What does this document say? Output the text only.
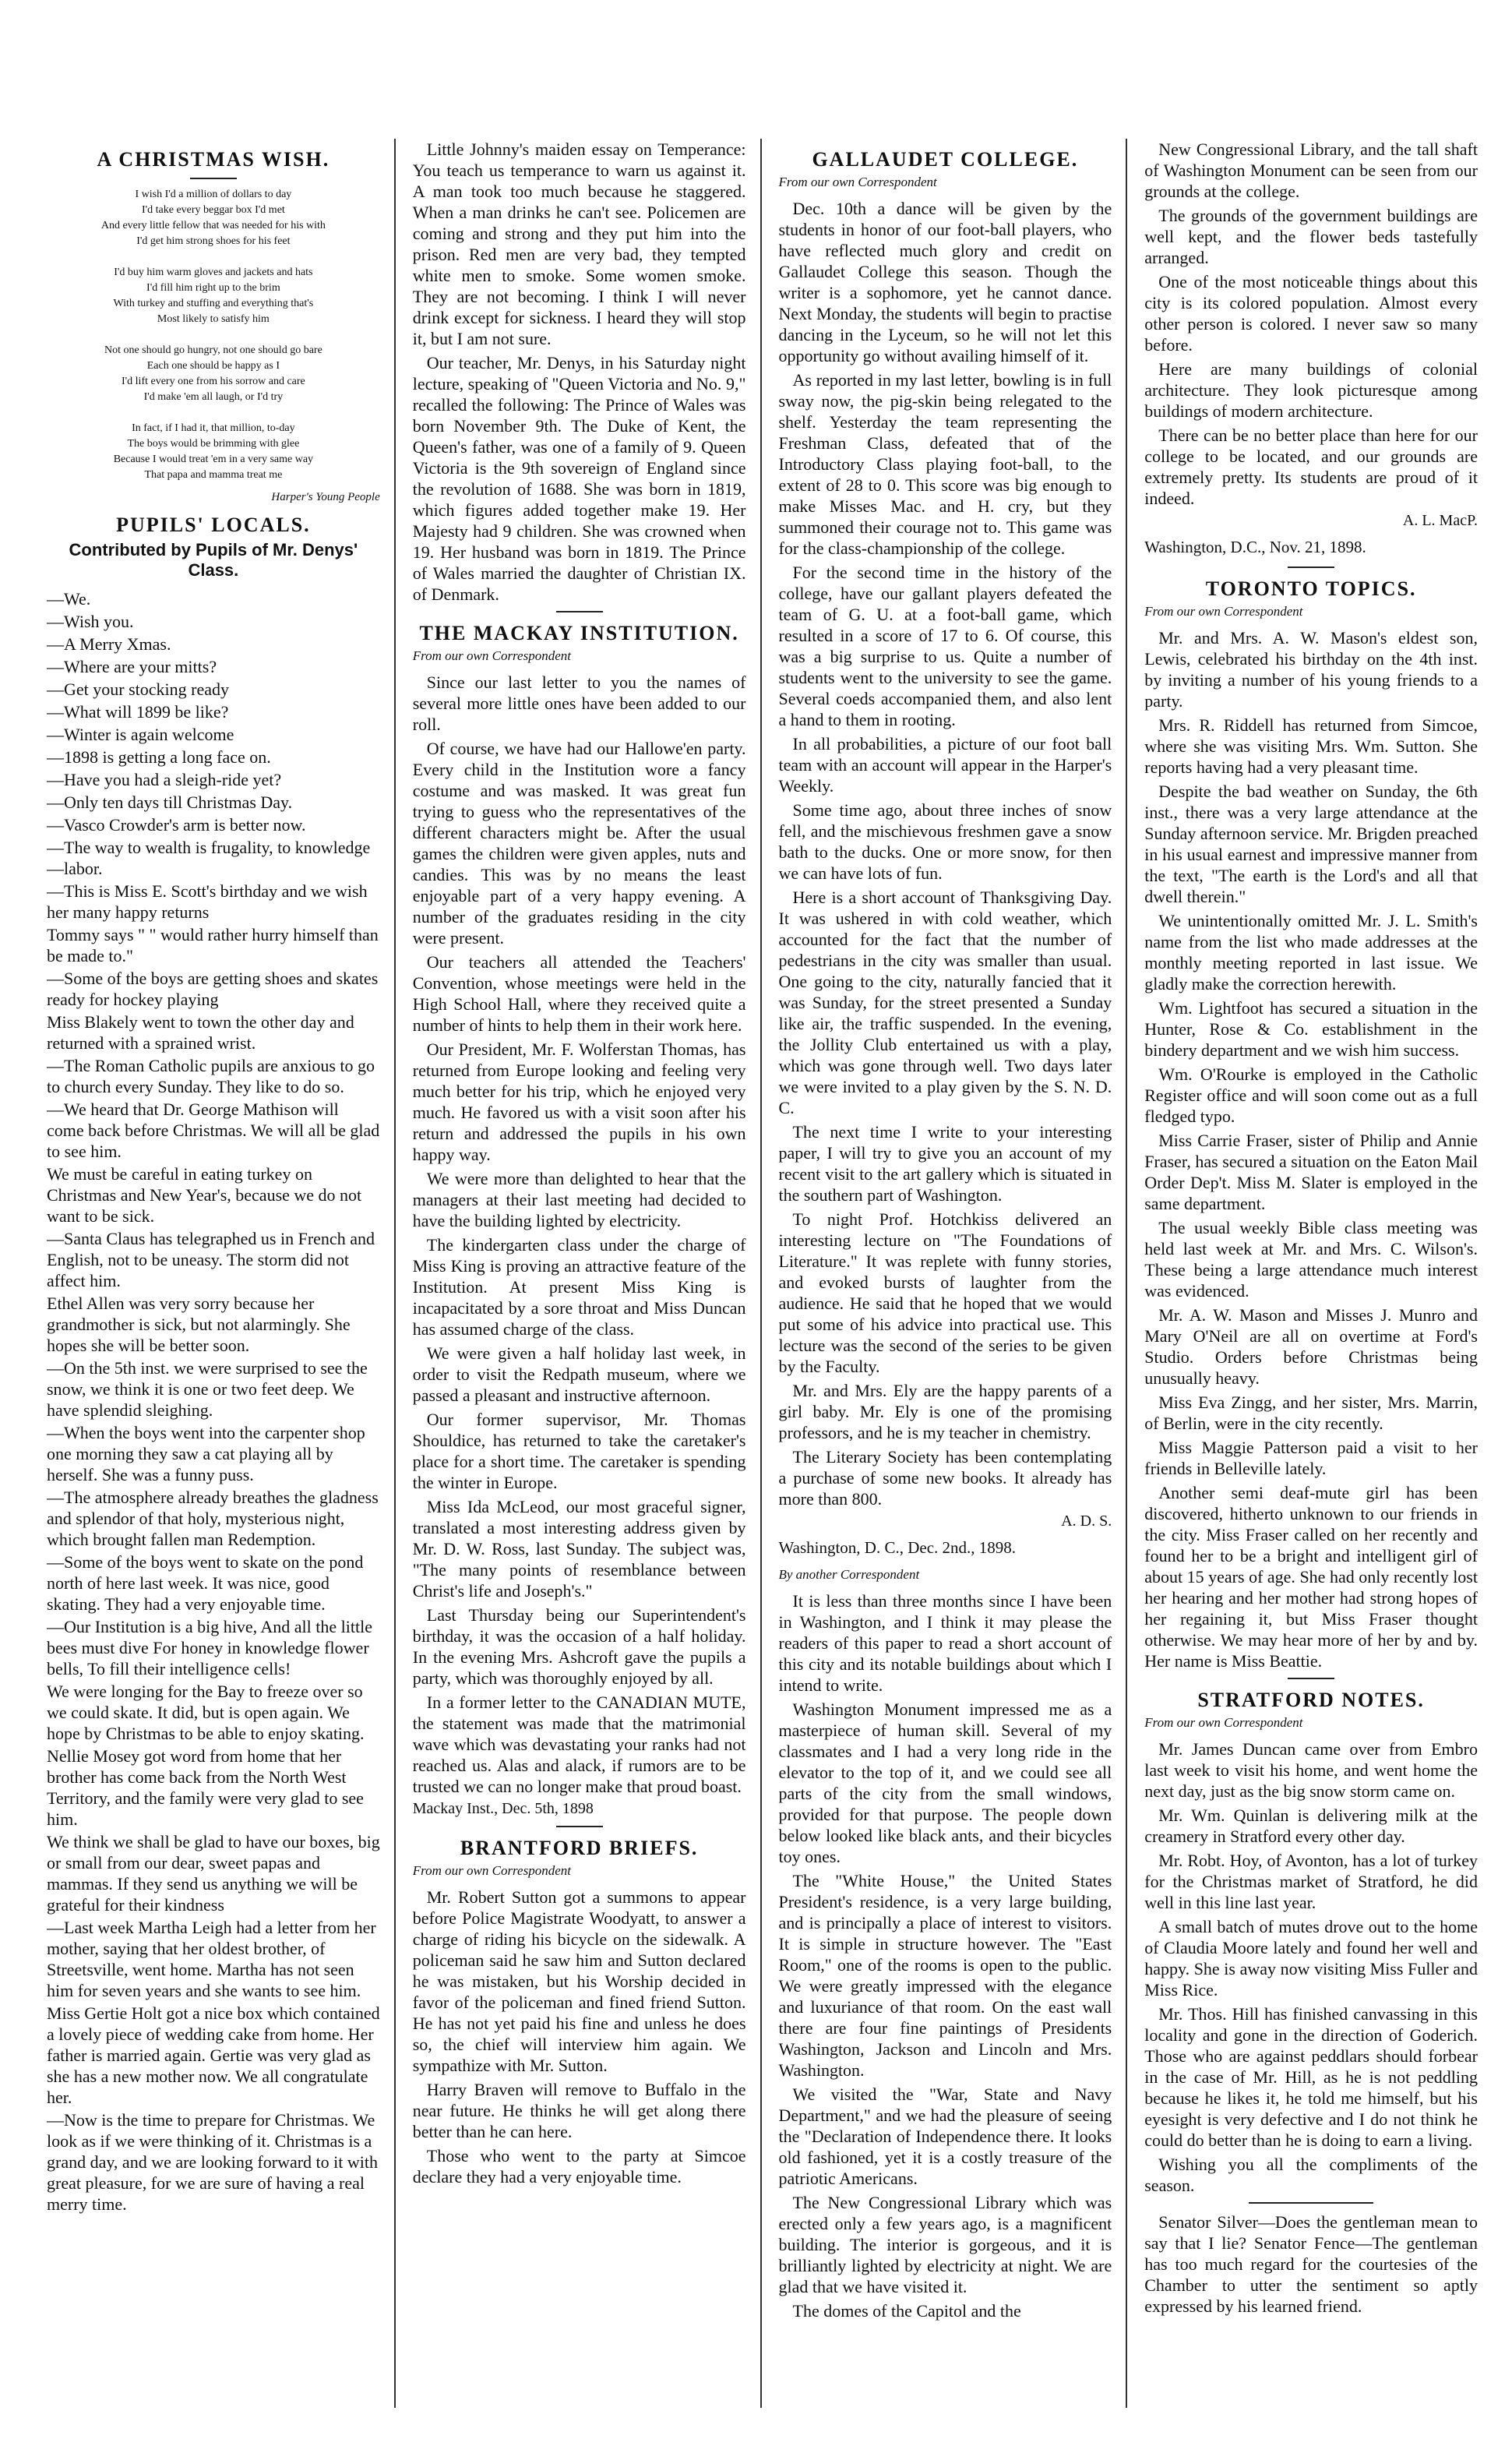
A CHRISTMAS WISH.
I wish I'd a million of dollars to day
I'd take every beggar box I'd met
And every little fellow that was needed for his with
I'd get him strong shoes for his feet

I'd buy him warm gloves and jackets and hats
I'd fill him right up to the brim
With turkey and stuffing and everything that's
Most likely to satisfy him

Not one should go hungry, not one should go bare
Each one should be happy as I
I'd lift every one from his sorrow and care
I'd make 'em all laugh, or I'd try

In fact, if I had it, that million, to-day
The boys would be brimming with glee
Because I would treat 'em in a very same way
That papa and mamma treat me
Harper's Young People
PUPILS' LOCALS.
Contributed by Pupils of Mr. Denys' Class.
—We.
—Wish you.
—A Merry Xmas.
—Where are your mitts?
—Get your stocking ready
—What will 1899 be like?
—Winter is again welcome
—1898 is getting a long face on.
—Have you had a sleigh-ride yet?
—Only ten days till Christmas Day.
—Vasco Crowder's arm is better now.
—The way to wealth is frugality, to knowledge—labor.
—This is Miss E. Scott's birthday and we wish her many happy returns
Tommy says " " would rather hurry himself than be made to."
—Some of the boys are getting shoes and skates ready for hockey playing
Miss Blakely went to town the other day and returned with a sprained wrist.
—The Roman Catholic pupils are anxious to go to church every Sunday. They like to do so.
—We heard that Dr. George Mathison will come back before Christmas. We will all be glad to see him.
We must be careful in eating turkey on Christmas and New Year's, because we do not want to be sick.
—Santa Claus has telegraphed us in French and English, not to be uneasy. The storm did not affect him.
Ethel Allen was very sorry because her grandmother is sick, but not alarmingly. She hopes she will be better soon.
—On the 5th inst. we were surprised to see the snow, we think it is one or two feet deep. We have splendid sleighing.
—When the boys went into the carpenter shop one morning they saw a cat playing all by herself. She was a funny puss.
—The atmosphere already breathes the gladness and splendor of that holy, mysterious night, which brought fallen man Redemption.
—Some of the boys went to skate on the pond north of here last week. It was nice, good skating. They had a very enjoyable time.
—Our Institution is a big hive, And all the little bees must dive For honey in knowledge flower bells, To fill their intelligence cells!
We were longing for the Bay to freeze over so we could skate. It did, but is open again. We hope by Christmas to be able to enjoy skating.
Nellie Mosey got word from home that her brother has come back from the North West Territory, and the family were very glad to see him.
We think we shall be glad to have our boxes, big or small from our dear, sweet papas and mammas. If they send us anything we will be grateful for their kindness
—Last week Martha Leigh had a letter from her mother, saying that her oldest brother, of Streetsville, went home. Martha has not seen him for seven years and she wants to see him.
Miss Gertie Holt got a nice box which contained a lovely piece of wedding cake from home. Her father is married again. Gertie was very glad as she has a new mother now. We all congratulate her.
—Now is the time to prepare for Christmas. We look as if we were thinking of it. Christmas is a grand day, and we are looking forward to it with great pleasure, for we are sure of having a real merry time.

Little Johnny's maiden essay on Temperance: You teach us temperance to warn us against it. A man took too much because he staggered. When a man drinks he can't see. Policemen are coming and strong and they put him into the prison. Red men are very bad, they tempted white men to smoke. Some women smoke. They are not becoming. I think I will never drink except for sickness. I heard they will stop it, but I am not sure.

Our teacher, Mr. Denys, in his Saturday night lecture, speaking of "Queen Victoria and No. 9," recalled the following: The Prince of Wales was born November 9th. The Duke of Kent, the Queen's father, was one of a family of 9. Queen Victoria is the 9th sovereign of England since the revolution of 1688. She was born in 1819, which figures added together make 19. Her Majesty had 9 children. She was crowned when 19. Her husband was born in 1819. The Prince of Wales married the daughter of Christian IX. of Denmark.

THE MACKAY INSTITUTION.
From our own Correspondent

Since our last letter to you the names of several more little ones have been added to our roll.

Of course, we have had our Hallowe'en party. Every child in the Institution wore a fancy costume and was masked. It was great fun trying to guess who the representatives of the different characters might be. After the usual games the children were given apples, nuts and candies. This was by no means the least enjoyable part of a very happy evening. A number of the graduates residing in the city were present.

Our teachers all attended the Teachers' Convention, whose meetings were held in the High School Hall, where they received quite a number of hints to help them in their work here.

Our President, Mr. F. Wolferstan Thomas, has returned from Europe looking and feeling very much better for his trip, which he enjoyed very much. He favored us with a visit soon after his return and addressed the pupils in his own happy way.

We were more than delighted to hear that the managers at their last meeting had decided to have the building lighted by electricity.

The kindergarten class under the charge of Miss King is proving an attractive feature of the Institution. At present Miss King is incapacitated by a sore throat and Miss Duncan has assumed charge of the class.

We were given a half holiday last week, in order to visit the Redpath museum, where we passed a pleasant and instructive afternoon.

Our former supervisor, Mr. Thomas Shouldice, has returned to take the caretaker's place for a short time. The caretaker is spending the winter in Europe.

Miss Ida McLeod, our most graceful signer, translated a most interesting address given by Mr. D. W. Ross, last Sunday. The subject was, "The many points of resemblance between Christ's life and Joseph's."

Last Thursday being our Superintendent's birthday, it was the occasion of a half holiday. In the evening Mrs. Ashcroft gave the pupils a party, which was thoroughly enjoyed by all.

In a former letter to the CANADIAN MUTE, the statement was made that the matrimonial wave which was devastating your ranks had not reached us. Alas and alack, if rumors are to be trusted we can no longer make that proud boast.

Mackay Inst., Dec. 5th, 1898
BRANTFORD BRIEFS.
From our own Correspondent

Mr. Robert Sutton got a summons to appear before Police Magistrate Woodyatt, to answer a charge of riding his bicycle on the sidewalk. A policeman said he saw him and Sutton declared he was mistaken, but his Worship decided in favor of the policeman and fined friend Sutton. He has not yet paid his fine and unless he does so, the chief will interview him again. We sympathize with Mr. Sutton.

Harry Braven will remove to Buffalo in the near future. He thinks he will get along there better than he can here.

Those who went to the party at Simcoe declare they had a very enjoyable time.

GALLAUDET COLLEGE.
From our own Correspondent

Dec. 10th a dance will be given by the students in honor of our foot-ball players, who have reflected much glory and credit on Gallaudet College this season. Though the writer is a sophomore, yet he cannot dance. Next Monday, the students will begin to practise dancing in the Lyceum, so he will not let this opportunity go without availing himself of it.

As reported in my last letter, bowling is in full sway now, the pig-skin being relegated to the shelf. Yesterday the team representing the Freshman Class, defeated that of the Introductory Class playing foot-ball, to the extent of 28 to 0. This score was big enough to make Misses Mac. and H. cry, but they summoned their courage not to. This game was for the class-championship of the college.

For the second time in the history of the college, have our gallant players defeated the team of G. U. at a foot-ball game, which resulted in a score of 17 to 6. Of course, this was a big surprise to us. Quite a number of students went to the university to see the game. Several coeds accompanied them, and also lent a hand to them in rooting.

In all probabilities, a picture of our foot ball team with an account will appear in the Harper's Weekly.

Some time ago, about three inches of snow fell, and the mischievous freshmen gave a snow bath to the ducks. One or more snow, for then we can have lots of fun.

Here is a short account of Thanksgiving Day. It was ushered in with cold weather, which accounted for the fact that the number of pedestrians in the city was smaller than usual. One going to the city, naturally fancied that it was Sunday, for the street presented a Sunday like air, the traffic suspended. In the evening, the Jollity Club entertained us with a play, which was gone through well. Two days later we were invited to a play given by the S. N. D. C.

The next time I write to your interesting paper, I will try to give you an account of my recent visit to the art gallery which is situated in the southern part of Washington.

To night Prof. Hotchkiss delivered an interesting lecture on "The Foundations of Literature." It was replete with funny stories, and evoked bursts of laughter from the audience. He said that he hoped that we would put some of his advice into practical use. This lecture was the second of the series to be given by the Faculty.

Mr. and Mrs. Ely are the happy parents of a girl baby. Mr. Ely is one of the promising professors, and he is my teacher in chemistry.

The Literary Society has been contemplating a purchase of some new books. It already has more than 800.

A. D. S.
Washington, D. C., Dec. 2nd., 1898.
By another Correspondent

It is less than three months since I have been in Washington, and I think it may please the readers of this paper to read a short account of this city and its notable buildings about which I intend to write.

Washington Monument impressed me as a masterpiece of human skill. Several of my classmates and I had a very long ride in the elevator to the top of it, and we could see all parts of the city from the small windows, provided for that purpose. The people down below looked like black ants, and their bicycles toy ones.

The "White House," the United States President's residence, is a very large building, and is principally a place of interest to visitors. It is simple in structure however. The "East Room," one of the rooms is open to the public. We were greatly impressed with the elegance and luxuriance of that room. On the east wall there are four fine paintings of Presidents Washington, Jackson and Lincoln and Mrs. Washington.

We visited the "War, State and Navy Department," and we had the pleasure of seeing the "Declaration of Independence there. It looks old fashioned, yet it is a costly treasure of the patriotic Americans.

The New Congressional Library which was erected only a few years ago, is a magnificent building. The interior is gorgeous, and it is brilliantly lighted by electricity at night. We are glad that we have visited it.

The domes of the Capitol and the

New Congressional Library, and the tall shaft of Washington Monument can be seen from our grounds at the college.

The grounds of the government buildings are well kept, and the flower beds tastefully arranged.

One of the most noticeable things about this city is its colored population. Almost every other person is colored. I never saw so many before.

Here are many buildings of colonial architecture. They look picturesque among buildings of modern architecture.

There can be no better place than here for our college to be located, and our grounds are extremely pretty. Its students are proud of it indeed.

A. L. MacP.
Washington, D.C., Nov. 21, 1898.
TORONTO TOPICS.
From our own Correspondent

Mr. and Mrs. A. W. Mason's eldest son, Lewis, celebrated his birthday on the 4th inst. by inviting a number of his young friends to a party.

Mrs. R. Riddell has returned from Simcoe, where she was visiting Mrs. Wm. Sutton. She reports having had a very pleasant time.

Despite the bad weather on Sunday, the 6th inst., there was a very large attendance at the Sunday afternoon service. Mr. Brigden preached in his usual earnest and impressive manner from the text, "The earth is the Lord's and all that dwell therein."

We unintentionally omitted Mr. J. L. Smith's name from the list who made addresses at the monthly meeting reported in last issue. We gladly make the correction herewith.

Wm. Lightfoot has secured a situation in the Hunter, Rose & Co. establishment in the bindery department and we wish him success.

Wm. O'Rourke is employed in the Catholic Register office and will soon come out as a full fledged typo.

Miss Carrie Fraser, sister of Philip and Annie Fraser, has secured a situation on the Eaton Mail Order Dep't. Miss M. Slater is employed in the same department.

The usual weekly Bible class meeting was held last week at Mr. and Mrs. C. Wilson's. These being a large attendance much interest was evidenced.

Mr. A. W. Mason and Misses J. Munro and Mary O'Neil are all on overtime at Ford's Studio. Orders before Christmas being unusually heavy.

Miss Eva Zingg, and her sister, Mrs. Marrin, of Berlin, were in the city recently.

Miss Maggie Patterson paid a visit to her friends in Belleville lately.

Another semi deaf-mute girl has been discovered, hitherto unknown to our friends in the city. Miss Fraser called on her recently and found her to be a bright and intelligent girl of about 15 years of age. She had only recently lost her hearing and her mother had strong hopes of her regaining it, but Miss Fraser thought otherwise. We may hear more of her by and by. Her name is Miss Beattie.

STRATFORD NOTES.
From our own Correspondent

Mr. James Duncan came over from Embro last week to visit his home, and went home the next day, just as the big snow storm came on.

Mr. Wm. Quinlan is delivering milk at the creamery in Stratford every other day.

Mr. Robt. Hoy, of Avonton, has a lot of turkey for the Christmas market of Stratford, he did well in this line last year.

A small batch of mutes drove out to the home of Claudia Moore lately and found her well and happy. She is away now visiting Miss Fuller and Miss Rice.

Mr. Thos. Hill has finished canvassing in this locality and gone in the direction of Goderich. Those who are against peddlars should forbear in the case of Mr. Hill, as he is not peddling because he likes it, he told me himself, but his eyesight is very defective and I do not think he could do better than he is doing to earn a living.

Wishing you all the compliments of the season.

Senator Silver—Does the gentleman mean to say that I lie? Senator Fence—The gentleman has too much regard for the courtesies of the Chamber to utter the sentiment so aptly expressed by his learned friend.
